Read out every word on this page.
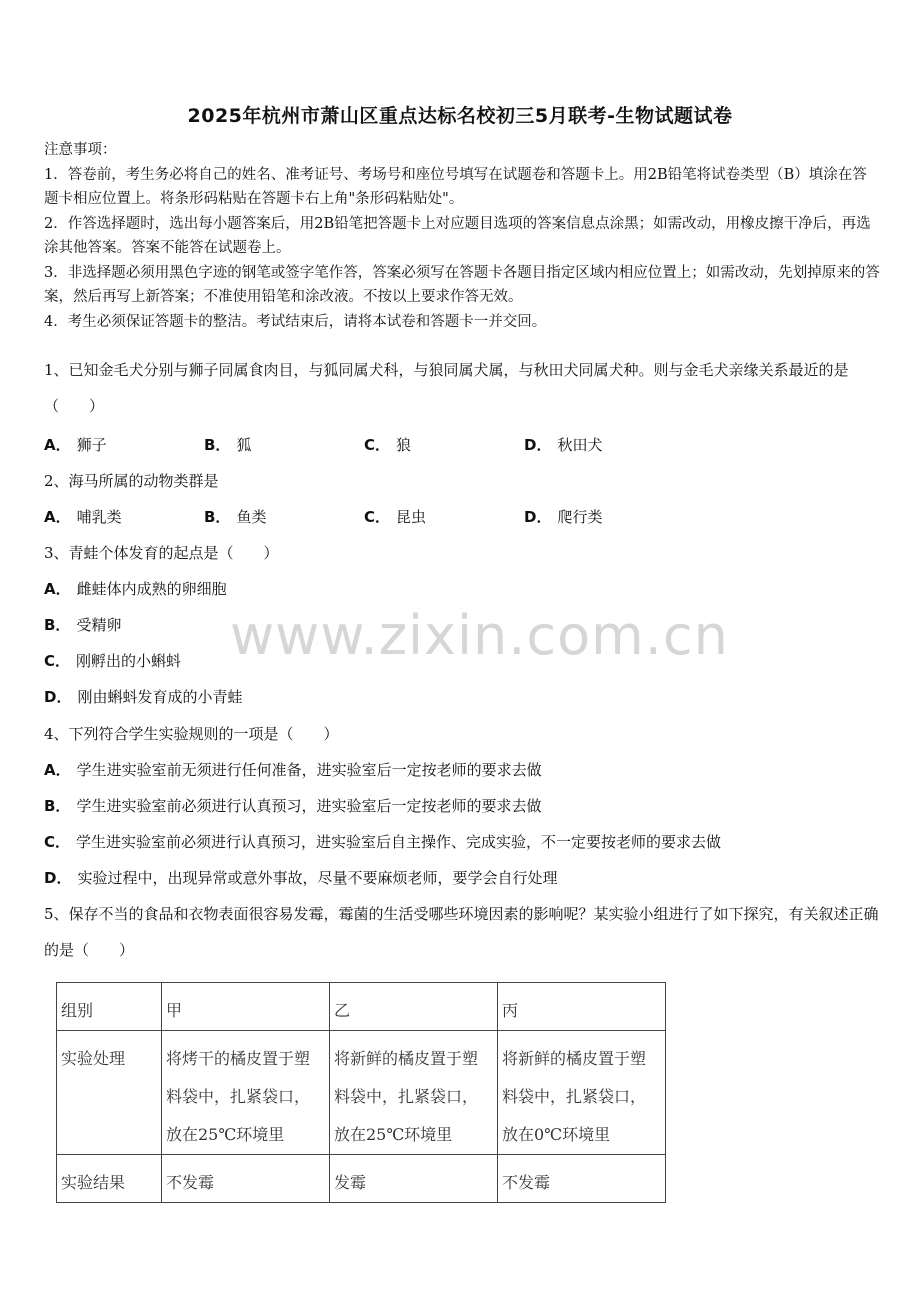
2025年杭州市萧山区重点达标名校初三5月联考-生物试题试卷

注意事项：

1．答卷前，考生务必将自己的姓名、准考证号、考场号和座位号填写在试题卷和答题卡上。用2B铅笔将试卷类型（B）填涂在答题卡相应位置上。将条形码粘贴在答题卡右上角"条形码粘贴处"。

2．作答选择题时，选出每小题答案后，用2B铅笔把答题卡上对应题目选项的答案信息点涂黑；如需改动，用橡皮擦干净后，再选涂其他答案。答案不能答在试题卷上。

3．非选择题必须用黑色字迹的钢笔或签字笔作答，答案必须写在答题卡各题目指定区域内相应位置上；如需改动，先划掉原来的答案，然后再写上新答案；不准使用铅笔和涂改液。不按以上要求作答无效。

4．考生必须保证答题卡的整洁。考试结束后，请将本试卷和答题卡一并交回。

1、已知金毛犬分别与狮子同属食肉目，与狐同属犬科，与狼同属犬属，与秋田犬同属犬种。则与金毛犬亲缘关系最近的是（　　）
A． 狮子	B． 狐	C． 狼	D． 秋田犬
2、海马所属的动物类群是
A． 哺乳类	B． 鱼类	C． 昆虫	D． 爬行类
3、青蛙个体发育的起点是（　　）
A． 雌蛙体内成熟的卵细胞
B． 受精卵
C． 刚孵出的小蝌蚪
D． 刚由蝌蚪发育成的小青蛙
4、下列符合学生实验规则的一项是（　　）
A． 学生进实验室前无须进行任何准备，进实验室后一定按老师的要求去做
B． 学生进实验室前必须进行认真预习，进实验室后一定按老师的要求去做
C． 学生进实验室前必须进行认真预习，进实验室后自主操作、完成实验，不一定要按老师的要求去做
D． 实验过程中，出现异常或意外事故，尽量不要麻烦老师，要学会自行处理
5、保存不当的食品和衣物表面很容易发霉，霉菌的生活受哪些环境因素的影响呢？某实验小组进行了如下探究，有关叙述正确的是（　　）
组别	甲	乙	丙
实验处理	将烤干的橘皮置于塑料袋中，扎紧袋口，放在25℃环境里	将新鲜的橘皮置于塑料袋中，扎紧袋口，放在25℃环境里	将新鲜的橘皮置于塑料袋中，扎紧袋口，放在0℃环境里
实验结果	不发霉	发霉	不发霉
www.zixin.com.cn
